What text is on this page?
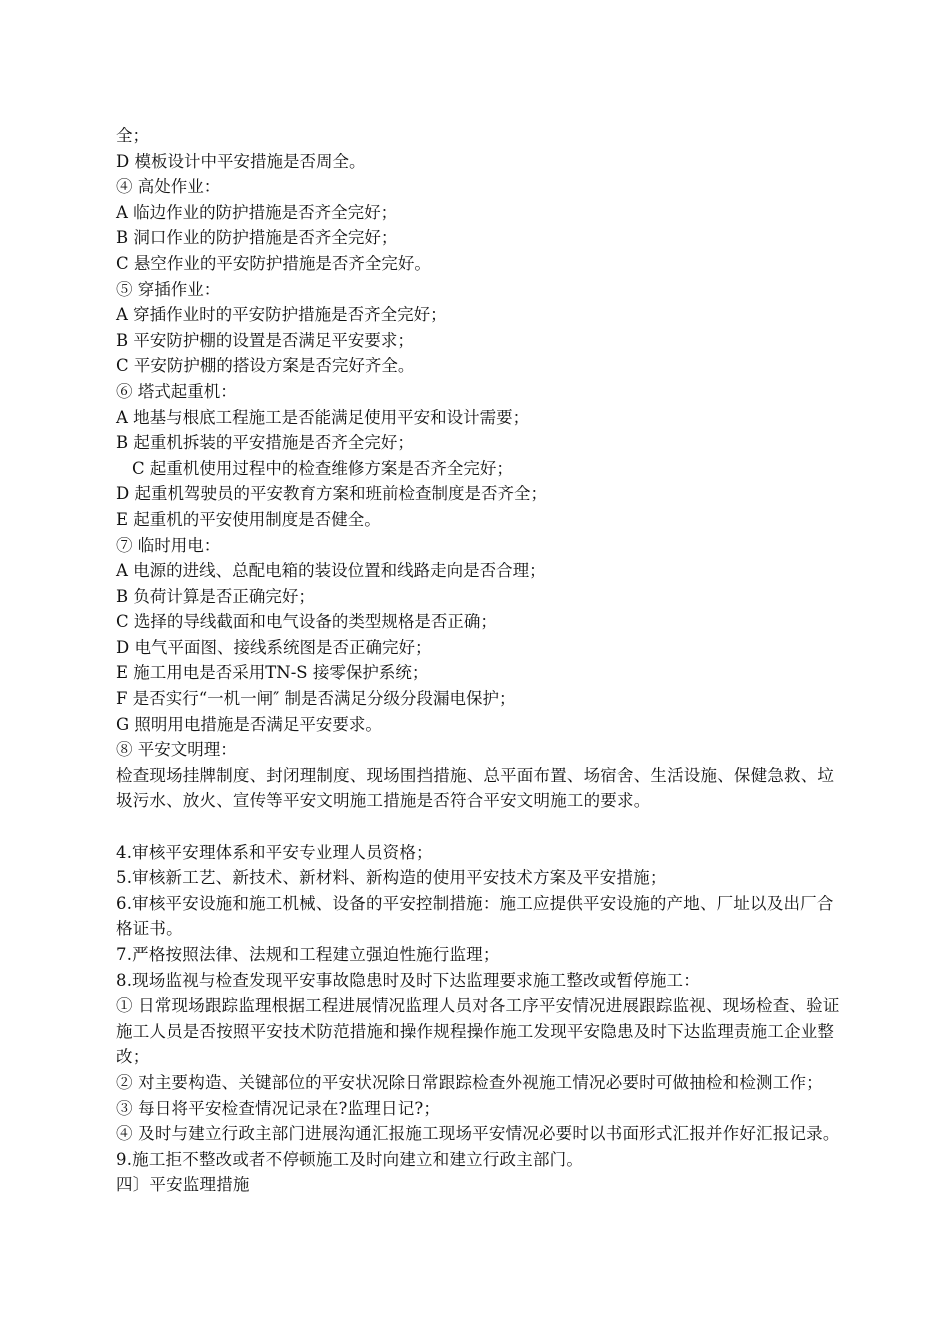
全；
D 模板设计中平安措施是否周全。
④ 高处作业：
A 临边作业的防护措施是否齐全完好；
B 洞口作业的防护措施是否齐全完好；
C 悬空作业的平安防护措施是否齐全完好。
⑤ 穿插作业：
A 穿插作业时的平安防护措施是否齐全完好；
B 平安防护棚的设置是否满足平安要求；
C 平安防护棚的搭设方案是否完好齐全。
⑥ 塔式起重机：
A 地基与根底工程施工是否能满足使用平安和设计需要；
B 起重机拆装的平安措施是否齐全完好；
C 起重机使用过程中的检查维修方案是否齐全完好；
D 起重机驾驶员的平安教育方案和班前检查制度是否齐全；
E 起重机的平安使用制度是否健全。
⑦ 临时用电：
A 电源的进线、总配电箱的装设位置和线路走向是否合理；
B 负荷计算是否正确完好；
C 选择的导线截面和电气设备的类型规格是否正确；
D 电气平面图、接线系统图是否正确完好；
E 施工用电是否采用TN-S 接零保护系统；
F 是否实行“一机一闸″ 制是否满足分级分段漏电保护；
G 照明用电措施是否满足平安要求。
⑧ 平安文明理：
检查现场挂牌制度、封闭理制度、现场围挡措施、总平面布置、场宿舍、生活设施、保健急救、垃圾污水、放火、宣传等平安文明施工措施是否符合平安文明施工的要求。
4.审核平安理体系和平安专业理人员资格；
5.审核新工艺、新技术、新材料、新构造的使用平安技术方案及平安措施；
6.审核平安设施和施工机械、设备的平安控制措施：施工应提供平安设施的产地、厂址以及出厂合格证书。
7.严格按照法律、法规和工程建立强迫性施行监理；
8.现场监视与检查发现平安事故隐患时及时下达监理要求施工整改或暂停施工：
① 日常现场跟踪监理根据工程进展情况监理人员对各工序平安情况进展跟踪监视、现场检查、验证施工人员是否按照平安技术防范措施和操作规程操作施工发现平安隐患及时下达监理责施工企业整改；
② 对主要构造、关键部位的平安状况除日常跟踪检查外视施工情况必要时可做抽检和检测工作；
③ 每日将平安检查情况记录在?监理日记?；
④ 及时与建立行政主部门进展沟通汇报施工现场平安情况必要时以书面形式汇报并作好汇报记录。
9.施工拒不整改或者不停顿施工及时向建立和建立行政主部门。
四〕平安监理措施
